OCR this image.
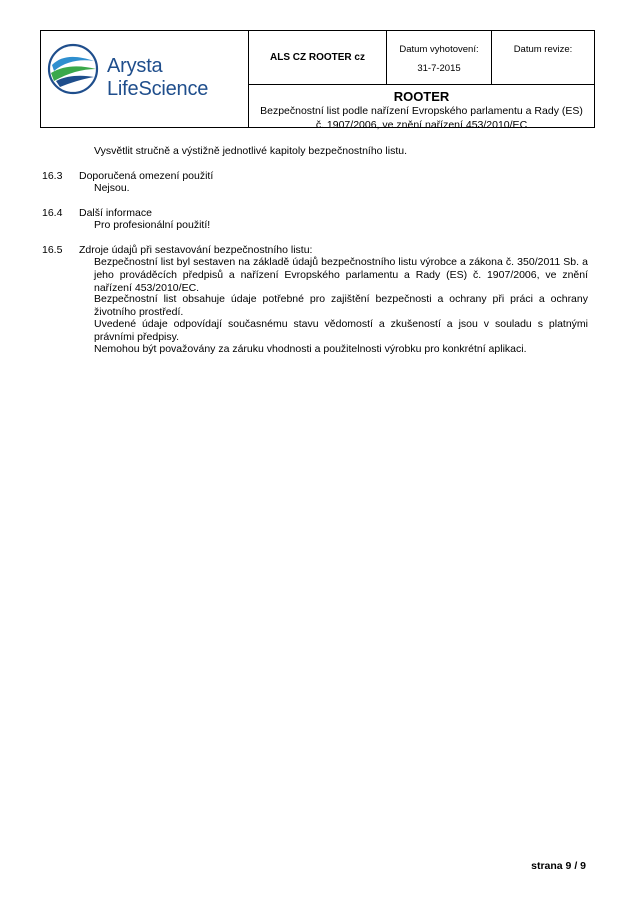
Arysta LifeScience
ALS CZ ROOTER cz
Datum vyhotovení:
31-7-2015
Datum revize:
ROOTER
Bezpečnostní list podle nařízení Evropského parlamentu a Rady (ES)
č. 1907/2006, ve znění nařízení 453/2010/EC
Vysvětlit stručně a výstižně jednotlivé kapitoly bezpečnostního listu.
16.3 Doporučená omezení použití
Nejsou.
16.4 Další informace
Pro profesionální použití!
16.5 Zdroje údajů při sestavování bezpečnostního listu:
Bezpečnostní list byl sestaven na základě údajů bezpečnostního listu výrobce a zákona č. 350/2011 Sb. a jeho prováděcích předpisů a nařízení Evropského parlamentu a Rady (ES) č. 1907/2006, ve znění nařízení 453/2010/EC.
Bezpečnostní list obsahuje údaje potřebné pro zajištění bezpečnosti a ochrany při práci a ochrany životního prostředí.
Uvedené údaje odpovídají současnému stavu vědomostí a zkušeností a jsou v souladu s platnými právními předpisy.
Nemohou být považovány za záruku vhodnosti a použitelnosti výrobku pro konkrétní aplikaci.
strana 9 / 9
